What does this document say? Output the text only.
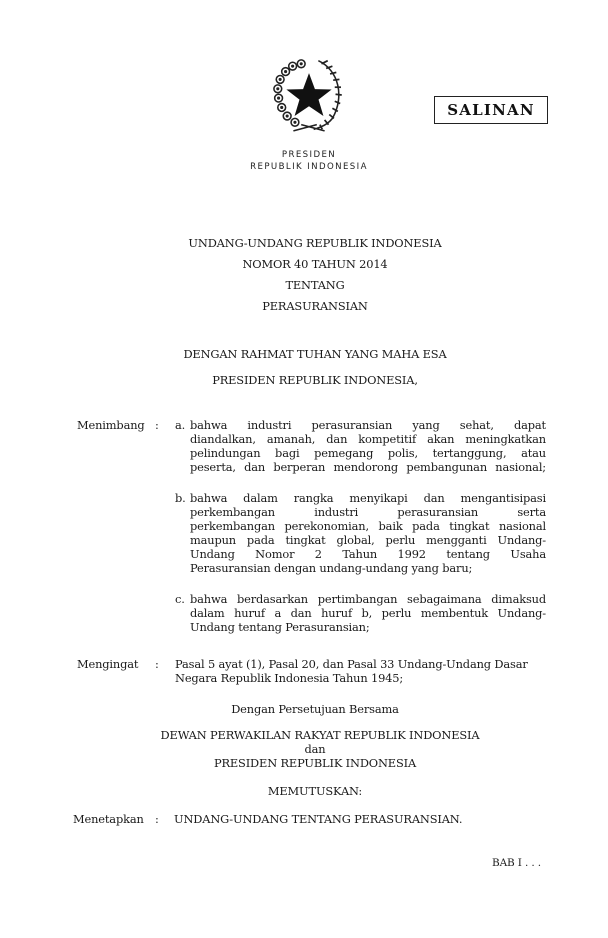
SALINAN
PRESIDEN
REPUBLIK INDONESIA
UNDANG-UNDANG REPUBLIK INDONESIA
NOMOR 40 TAHUN 2014
TENTANG
PERASURANSIAN
DENGAN RAHMAT TUHAN YANG MAHA ESA
PRESIDEN REPUBLIK INDONESIA,
Menimbang : a. bahwa industri perasuransian yang sehat, dapat
diandalkan, amanah, dan kompetitif akan meningkatkan
pelindungan bagi pemegang polis, tertanggung, atau
peserta, dan berperan mendorong pembangunan nasional;
b. bahwa dalam rangka menyikapi dan mengantisipasi
perkembangan industri perasuransian serta
perkembangan perekonomian, baik pada tingkat nasional
maupun pada tingkat global, perlu mengganti Undang-
Undang Nomor 2 Tahun 1992 tentang Usaha
Perasuransian dengan undang-undang yang baru;
c. bahwa berdasarkan pertimbangan sebagaimana dimaksud
dalam huruf a dan huruf b, perlu membentuk Undang-
Undang tentang Perasuransian;
Mengingat : Pasal 5 ayat (1), Pasal 20, dan Pasal 33 Undang-Undang Dasar
Negara Republik Indonesia Tahun 1945;
Dengan Persetujuan Bersama
DEWAN PERWAKILAN RAKYAT REPUBLIK INDONESIA
dan
PRESIDEN REPUBLIK INDONESIA
MEMUTUSKAN:
Menetapkan : UNDANG-UNDANG TENTANG PERASURANSIAN.
BAB I . . .
